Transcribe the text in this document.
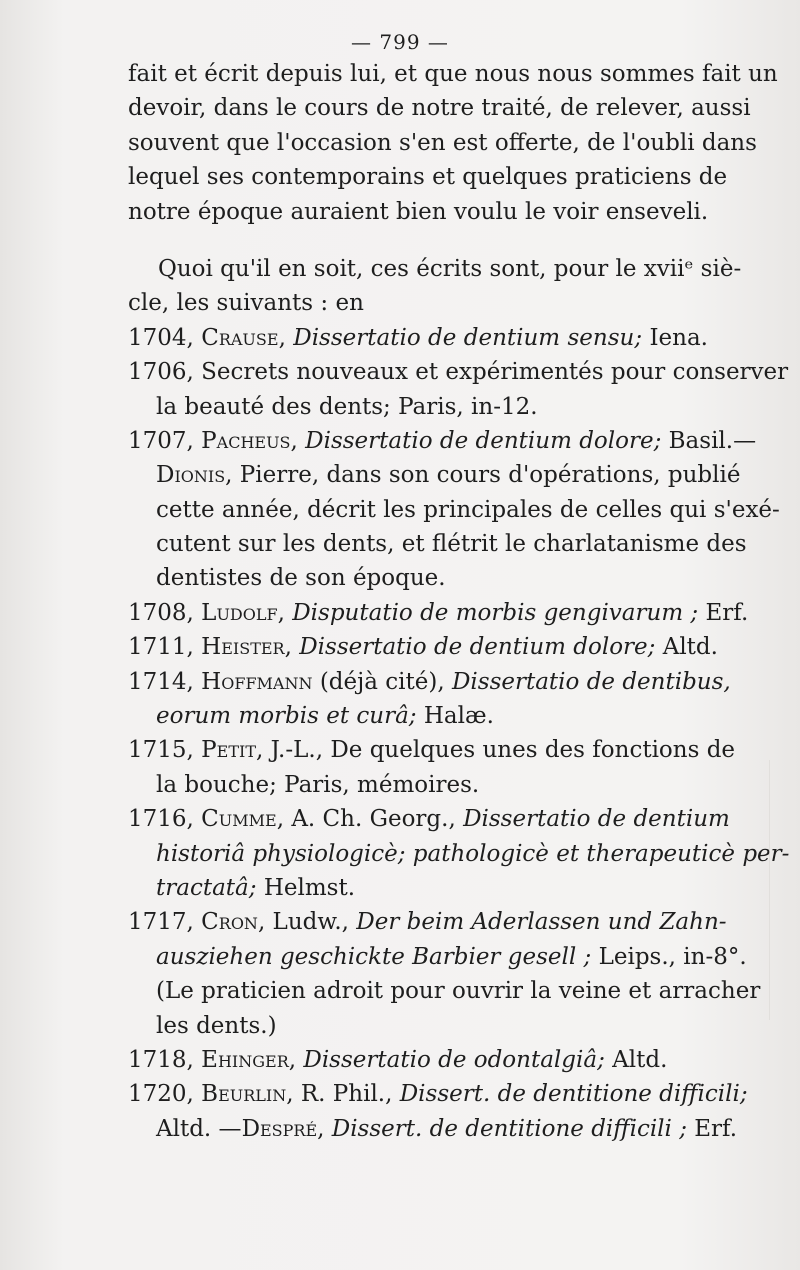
— 799 —
fait et écrit depuis lui, et que nous nous sommes fait un
devoir, dans le cours de notre traité, de relever, aussi
souvent que l'occasion s'en est offerte, de l'oubli dans
lequel ses contemporains et quelques praticiens de
notre époque auraient bien voulu le voir enseveli.
Quoi qu'il en soit, ces écrits sont, pour le xviiᵉ siè-
cle, les suivants : en
1704, Crause, Dissertatio de dentium sensu; Iena.
1706, Secrets nouveaux et expérimentés pour conserver
la beauté des dents; Paris, in-12.
1707, Pacheus, Dissertatio de dentium dolore; Basil.—
Dionis, Pierre, dans son cours d'opérations, publié
cette année, décrit les principales de celles qui s'exé-
cutent sur les dents, et flétrit le charlatanisme des
dentistes de son époque.
1708, Ludolf, Disputatio de morbis gengivarum ; Erf.
1711, Heister, Dissertatio de dentium dolore; Altd.
1714, Hoffmann (déjà cité), Dissertatio de dentibus,
eorum morbis et curâ; Halæ.
1715, Petit, J.-L., De quelques unes des fonctions de
la bouche; Paris, mémoires.
1716, Cumme, A. Ch. Georg., Dissertatio de dentium
historiâ physiologicè; pathologicè et therapeuticè per-
tractatâ; Helmst.
1717, Cron, Ludw., Der beim Aderlassen und Zahn-
ausziehen geschickte Barbier gesell ; Leips., in-8°.
(Le praticien adroit pour ouvrir la veine et arracher
les dents.)
1718, Ehinger, Dissertatio de odontalgiâ; Altd.
1720, Beurlin, R. Phil., Dissert. de dentitione difficili;
Altd. —Despré, Dissert. de dentitione difficili ; Erf.
